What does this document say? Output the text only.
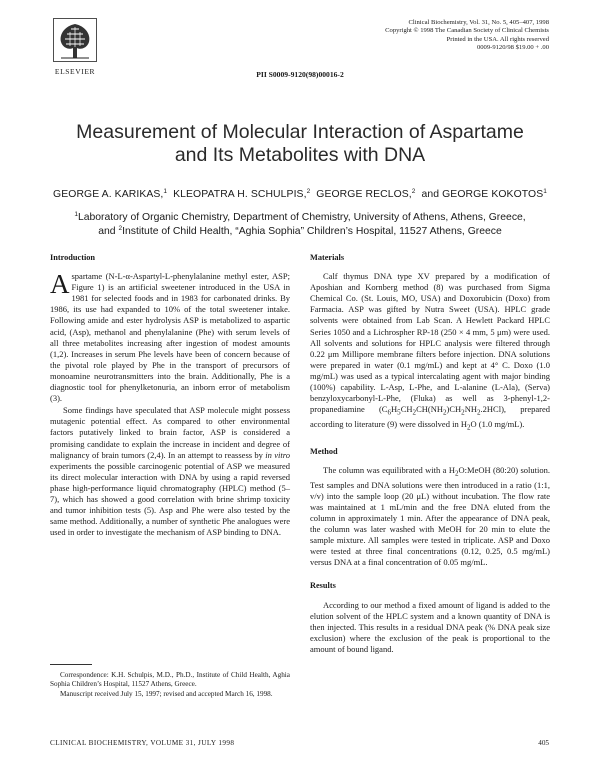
ELSEVIER
Clinical Biochemistry, Vol. 31, No. 5, 405–407, 1998
Copyright © 1998 The Canadian Society of Clinical Chemists
Printed in the USA. All rights reserved
0009-9120/98 $19.00 + .00
PII S0009-9120(98)00016-2
Measurement of Molecular Interaction of Aspartame
and Its Metabolites with DNA
GEORGE A. KARIKAS,$^1$ KLEOPATRA H. SCHULPIS,$^2$ GEORGE RECLOS,$^2$ and GEORGE KOKOTOS$^1$
$^1$Laboratory of Organic Chemistry, Department of Chemistry, University of Athens, Athens, Greece,
and $^2$Institute of Child Health, “Aghia Sophia” Children’s Hospital, 11527 Athens, Greece
Introduction

Aspartame (N-L-α-Aspartyl-L-phenylalanine methyl ester, ASP; Figure 1) is an artificial sweetener introduced in the USA in 1981 for selected foods and in 1983 for carbonated drinks. By 1986, its use had expanded to 10% of the total sweetener intake. Following amide and ester hydrolysis ASP is metabolized to aspartic acid, (Asp), methanol and phenylalanine (Phe) with serum levels of all three metabolites increasing after ingestion of modest amounts (1,2). Increases in serum Phe levels have been of concern because of the pivotal role played by Phe in the transport of precursors of monoamine neurotransmitters into the brain. Additionally, Phe is a diagnostic tool for phenylketonuria, an inborn error of metabolism (3).

Some findings have speculated that ASP molecule might possess mutagenic potential effect. As compared to other environmental factors putatively linked to brain factor, ASP is considered a promising candidate to explain the increase in incident and degree of malignancy of brain tumors (2,4). In an attempt to reassess by in vitro experiments the possible carcinogenic potential of ASP we measured its direct molecular interaction with DNA by using a rapid reversed phase high-performance liquid chromatography (HPLC) method (5–7), which has showed a good correlation with brine shrimp toxicity and tumor inhibition tests (5). Asp and Phe were also tested by the same method. Additionally, a number of synthetic Phe analogues were used in order to investigate the mechanism of ASP binding to DNA.

Correspondence: K.H. Schulpis, M.D., Ph.D., Institute of Child Health, Aghia Sophia Children’s Hospital, 11527 Athens, Greece.

Manuscript received July 15, 1997; revised and accepted March 16, 1998.

Materials

Calf thymus DNA type XV prepared by a modification of Aposhian and Kornberg method (8) was purchased from Sigma Chemical Co. (St. Louis, MO, USA) and Doxorubicin (Doxo) from Farmacia. ASP was gifted by Nutra Sweet (USA). HPLC grade solvents were obtained from Lab Scan. A Hewlett Packard HPLC Series 1050 and a Lichrospher RP-18 (250 × 4 mm, 5 μm) were used. All solvents and solutions for HPLC analysis were filtered through 0.22 μm Millipore membrane filters before injection. DNA solutions were prepared in water (0.1 mg/mL) and kept at 4° C. Doxo (1.0 mg/mL) was used as a typical intercalating agent with major binding (100%) capability. L-Asp, L-Phe, and L-alanine (L-Ala), (Serva) benzyloxycarbonyl-L-Phe, (Fluka) as well as 3-phenyl-1,2-propanediamine $(C_6H_5CH_2CH(NH_2)CH_2NH_2.2HCl)$, prepared according to literature (9) were dissolved in $H_2O$ (1.0 mg/mL).

Method

The column was equilibrated with a $H_2O:MeOH$ (80:20) solution. Test samples and DNA solutions were then introduced in a ratio (1:1, v/v) into the sample loop (20 μL) without incubation. The flow rate was maintained at 1 mL/min and the free DNA eluted from the column in approximately 1 min. After the appearance of DNA peak, the column was later washed with MeOH for 20 min to elute the sample mixture. All samples were tested in triplicate. ASP and Doxo were tested at three final concentrations (0.12, 0.25, 0.5 mg/mL) versus DNA at a final concentration of 0.05 mg/mL.

Results

According to our method a fixed amount of ligand is added to the elution solvent of the HPLC system and a known quantity of DNA is then injected. This results in a residual DNA peak (% DNA peak size exclusion) where the exclusion of the peak is proportional to the amount of bound ligand.

CLINICAL BIOCHEMISTRY, VOLUME 31, JULY 1998	405
